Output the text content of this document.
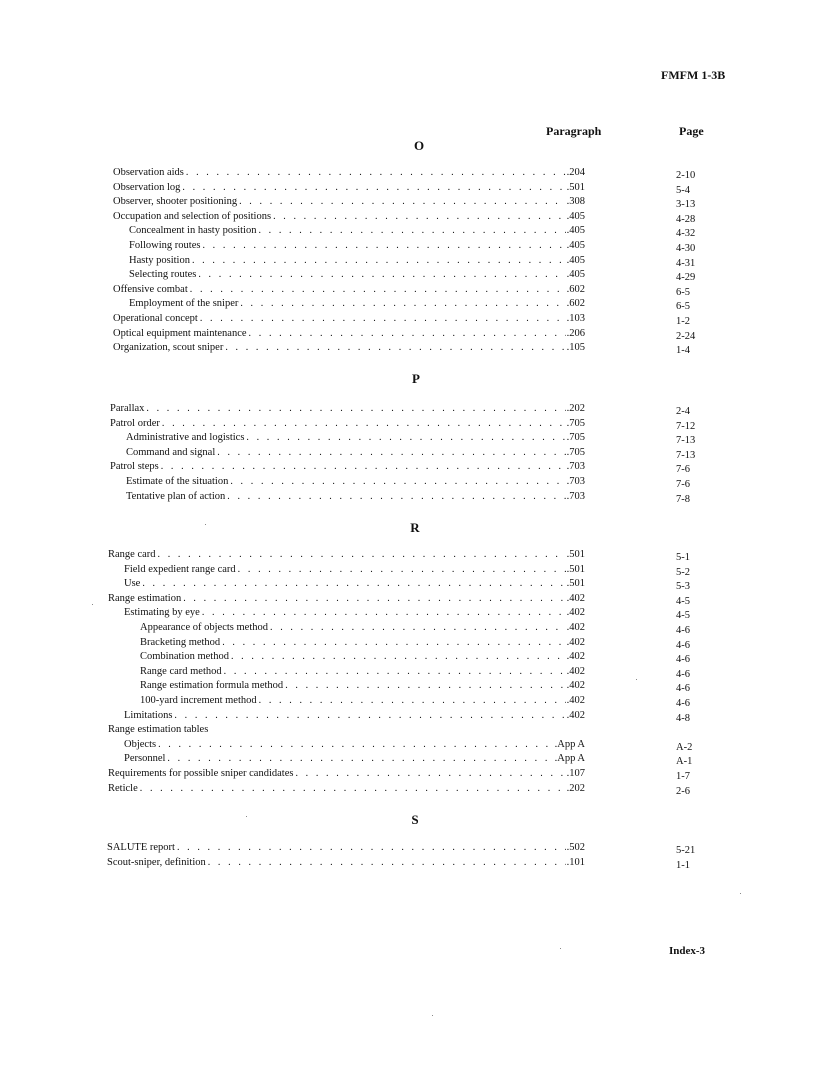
FMFM 1-3B
Paragraph	Page
O
Observation aids . . .	.204	2-10
Observation log . . .	.501	5-4
Observer, shooter positioning . . .	.308	3-13
Occupation and selection of positions . . .	.405	4-28
Concealment in hasty position . . .	.405	4-32
Following routes . . .	.405	4-30
Hasty position . . .	.405	4-31
Selecting routes . . .	.405	4-29
Offensive combat . . .	.602	6-5
Employment of the sniper . . .	.602	6-5
Operational concept . . .	.103	1-2
Optical equipment maintenance . . .	.206	2-24
Organization, scout sniper . . .	.105	1-4
P
Parallax . . .	.202	2-4
Patrol order . . .	.705	7-12
Administrative and logistics . . .	.705	7-13
Command and signal . . .	.705	7-13
Patrol steps . . .	.703	7-6
Estimate of the situation . . .	.703	7-6
Tentative plan of action . . .	.703	7-8
R
Range card . . .	.501	5-1
Field expedient range card . . .	.501	5-2
Use . . .	.501	5-3
Range estimation . . .	.402	4-5
Estimating by eye . . .	.402	4-5
Appearance of objects method . . .	.402	4-6
Bracketing method . . .	.402	4-6
Combination method . . .	.402	4-6
Range card method . . .	.402	4-6
Range estimation formula method . . .	.402	4-6
100-yard increment method . . .	.402	4-6
Limitations . . .	.402	4-8
Range estimation tables
Objects . . .	.App A	A-2
Personnel . . .	.App A	A-1
Requirements for possible sniper candidates . . .	.107	1-7
Reticle . . .	.202	2-6
S
SALUTE report . . .	.502	5-21
Scout-sniper, definition . . .	.101	1-1
Index-3
